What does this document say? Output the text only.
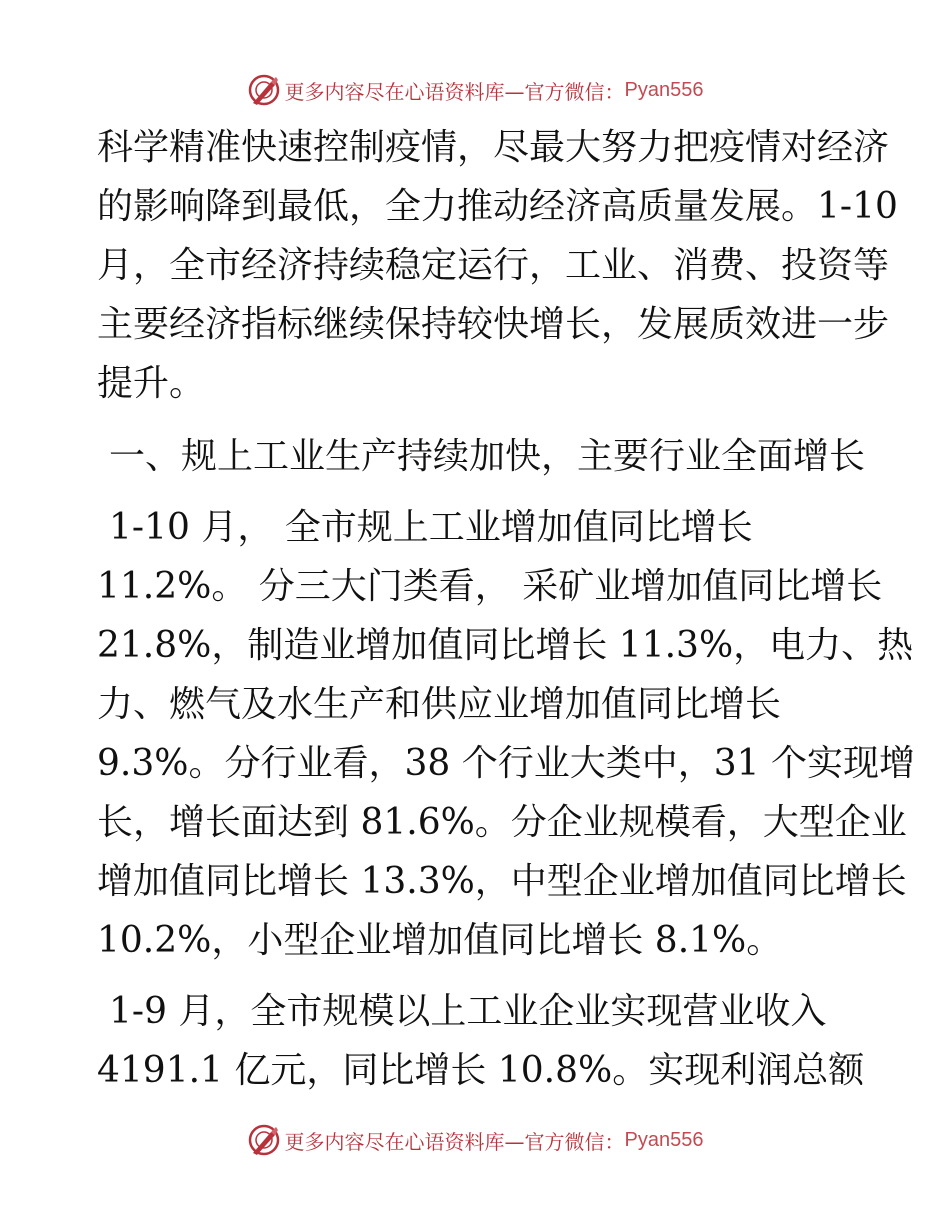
更多内容尽在心语资料库—官方微信： Pyan556
科学精准快速控制疫情，尽最大努力把疫情对经济
的影响降到最低，全力推动经济高质量发展。1-10
月，全市经济持续稳定运行，工业、消费、投资等
主要经济指标继续保持较快增长，发展质效进一步
提升。
一、规上工业生产持续加快，主要行业全面增长
1-10 月， 全市规上工业增加值同比增长
11.2%。 分三大门类看， 采矿业增加值同比增长
21.8%，制造业增加值同比增长 11.3%，电力、热
力、燃气及水生产和供应业增加值同比增长
9.3%。分行业看，38 个行业大类中，31 个实现增
长，增长面达到 81.6%。分企业规模看，大型企业
增加值同比增长 13.3%，中型企业增加值同比增长
10.2%，小型企业增加值同比增长 8.1%。
1-9 月，全市规模以上工业企业实现营业收入
4191.1 亿元，同比增长 10.8%。实现利润总额
更多内容尽在心语资料库—官方微信： Pyan556
